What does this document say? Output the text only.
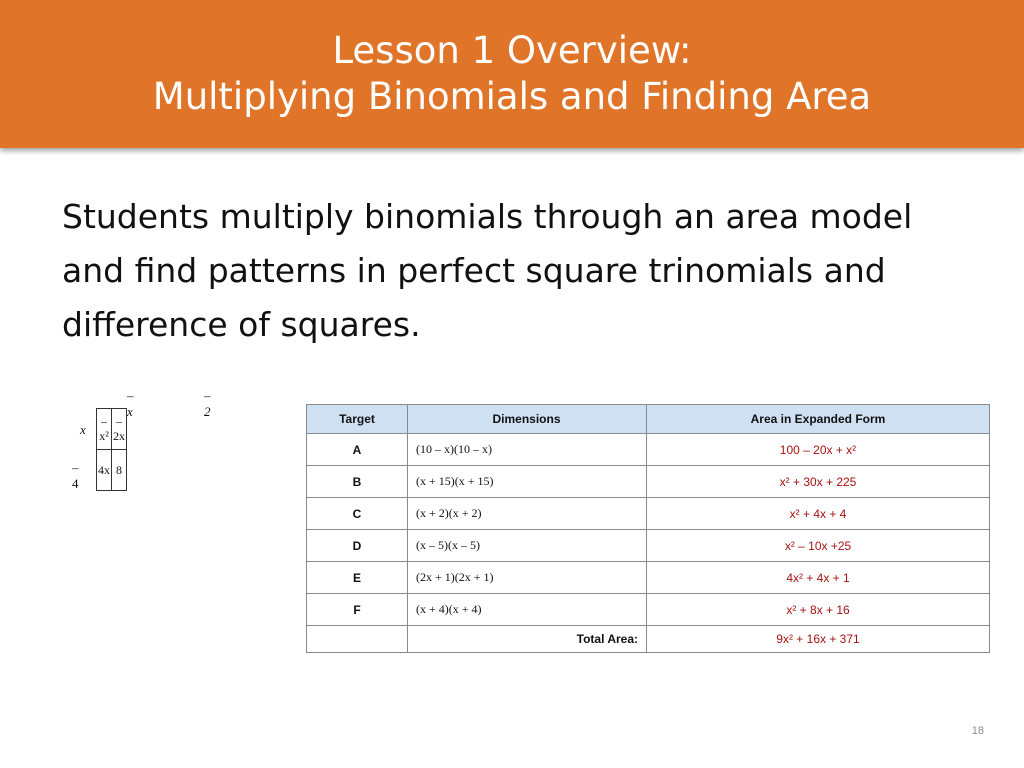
Lesson 1 Overview:
Multiplying Binomials and Finding Area
Students multiply binomials through an area model and find patterns in perfect square trinomials and difference of squares.
–x
–2
x
–4
–x²	–2x
4x	8
Target	Dimensions	Area in Expanded Form
A	(10 – x)(10 – x)	100 – 20x + x²
B	(x + 15)(x + 15)	x² + 30x + 225
C	(x + 2)(x + 2)	x² + 4x + 4
D	(x – 5)(x – 5)	x² – 10x +25
E	(2x + 1)(2x + 1)	4x² + 4x + 1
F	(x + 4)(x + 4)	x² + 8x + 16
	Total Area:	9x² + 16x + 371
18
